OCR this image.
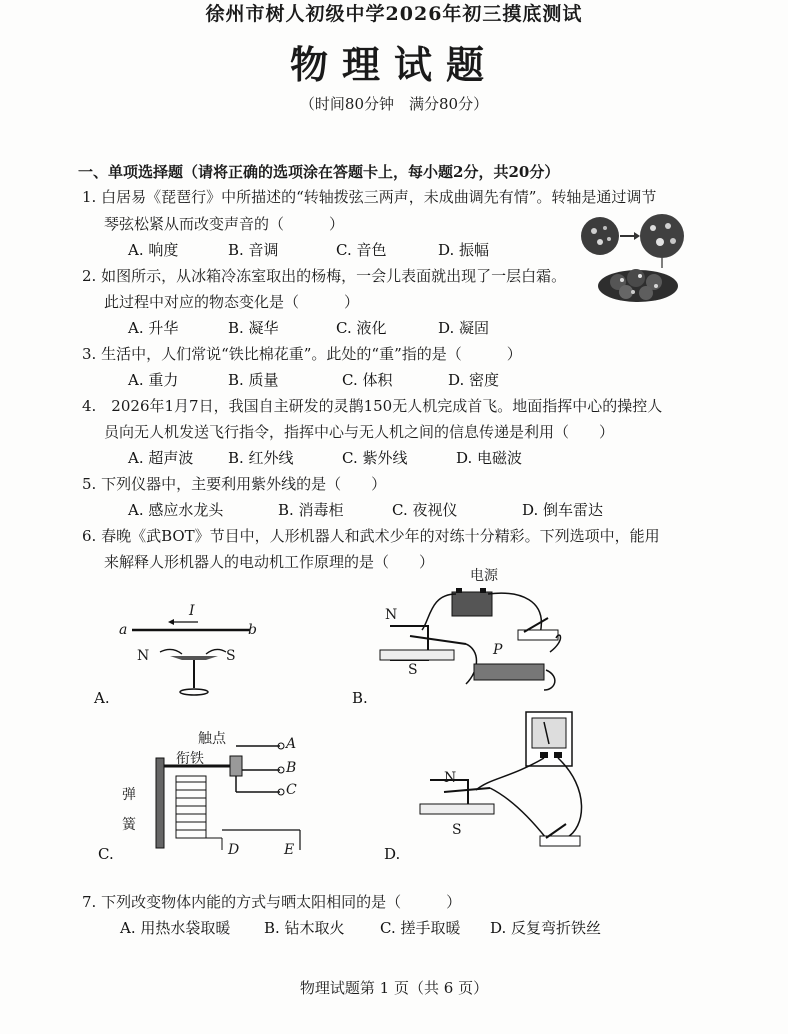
徐州市树人初级中学2026年初三摸底测试
物理试题
（时间80分钟　满分80分）
一、单项选择题（请将正确的选项涂在答题卡上，每小题2分，共20分）
1. 白居易《琵琶行》中所描述的“转轴拨弦三两声，未成曲调先有情”。转轴是通过调节
琴弦松紧从而改变声音的（　　　）
A. 响度	B. 音调	C. 音色	D. 振幅
2. 如图所示，从冰箱冷冻室取出的杨梅，一会儿表面就出现了一层白霜。
此过程中对应的物态变化是（　　　）
A. 升华	B. 凝华	C. 液化	D. 凝固
3. 生活中，人们常说“铁比棉花重”。此处的“重”指的是（　　　）
A. 重力	B. 质量	C. 体积	D. 密度
4.　2026年1月7日，我国自主研发的灵鹊150无人机完成首飞。地面指挥中心的操控人
员向无人机发送飞行指令，指挥中心与无人机之间的信息传递是利用（　　）
A. 超声波 B. 红外线	C. 紫外线	D. 电磁波
5. 下列仪器中，主要利用紫外线的是（　　）
A. 感应水龙头	B. 消毒柜	C. 夜视仪	D. 倒车雷达
6. 春晚《武BOT》节目中，人形机器人和武术少年的对练十分精彩。下列选项中，能用
来解释人形机器人的电动机工作原理的是（　　）
a	b
I
N	S
A.
电源
N
S
P
B.
触点
衔铁
弹簧
A
B
C
D	E
C.
N
S
D.
7. 下列改变物体内能的方式与晒太阳相同的是（　　　）
A. 用热水袋取暖 B. 钻木取火 C. 搓手取暖 D. 反复弯折铁丝
物理试题第 1 页（共 6 页）
